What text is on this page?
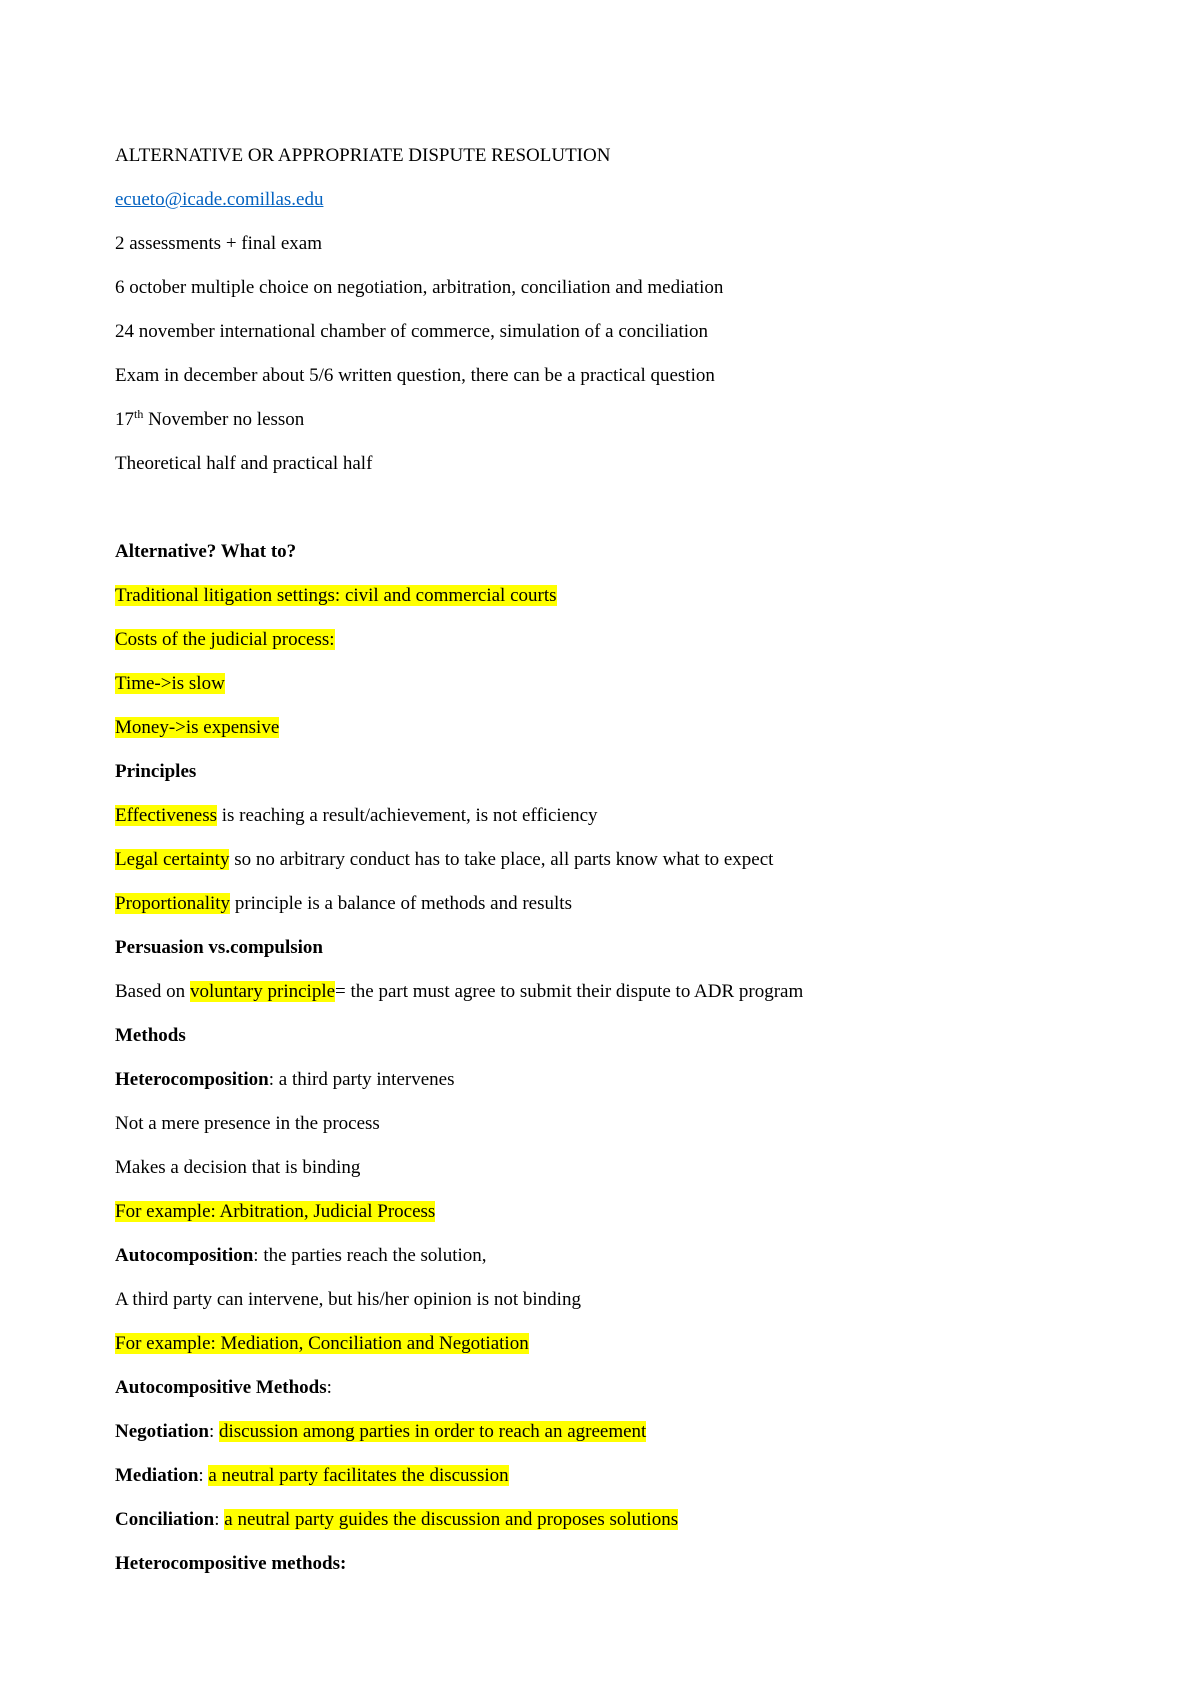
ALTERNATIVE OR APPROPRIATE DISPUTE RESOLUTION
ecueto@icade.comillas.edu
2 assessments + final exam
6 october multiple choice on negotiation, arbitration, conciliation and mediation
24 november international chamber of commerce, simulation of a conciliation
Exam in december about 5/6 written question, there can be a practical question
17th November no lesson
Theoretical half and practical half
Alternative? What to?
Traditional litigation settings: civil and commercial courts
Costs of the judicial process:
Time->is slow
Money->is expensive
Principles
Effectiveness is reaching a result/achievement, is not efficiency
Legal certainty so no arbitrary conduct has to take place, all parts know what to expect
Proportionality principle is a balance of methods and results
Persuasion vs.compulsion
Based on voluntary principle= the part must agree to submit their dispute to ADR program
Methods
Heterocomposition: a third party intervenes
Not a mere presence in the process
Makes a decision that is binding
For example: Arbitration, Judicial Process
Autocomposition: the parties reach the solution,
A third party can intervene, but his/her opinion is not binding
For example: Mediation, Conciliation and Negotiation
Autocompositive Methods:
Negotiation: discussion among parties in order to reach an agreement
Mediation: a neutral party facilitates the discussion
Conciliation: a neutral party guides the discussion and proposes solutions
Heterocompositive methods:
